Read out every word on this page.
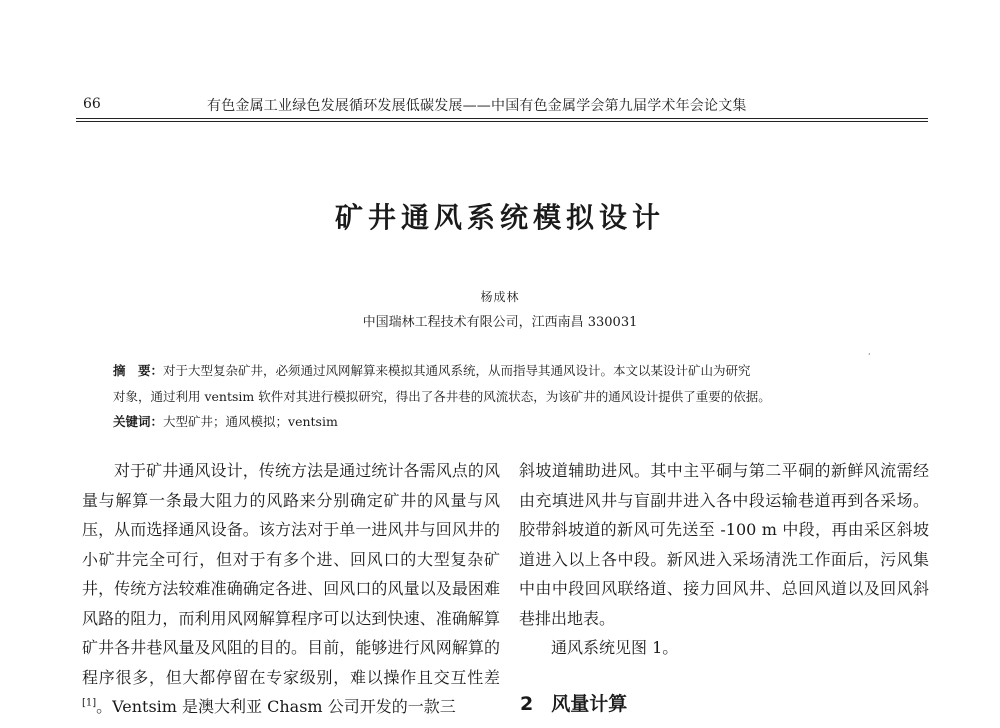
66	有色金属工业绿色发展循环发展低碳发展——中国有色金属学会第九届学术年会论文集
矿井通风系统模拟设计
杨成林
中国瑞林工程技术有限公司，江西南昌 330031
·
摘　要：对于大型复杂矿井，必须通过风网解算来模拟其通风系统，从而指导其通风设计。本文以某设计矿山为研究
对象，通过利用 ventsim 软件对其进行模拟研究，得出了各井巷的风流状态，为该矿井的通风设计提供了重要的依据。
关键词：大型矿井；通风模拟；ventsim

对于矿井通风设计，传统方法是通过统计各需风点的风量与解算一条最大阻力的风路来分别确定矿井的风量与风压，从而选择通风设备。该方法对于单一进风井与回风井的小矿井完全可行，但对于有多个进、回风口的大型复杂矿井，传统方法较难准确确定各进、回风口的风量以及最困难风路的阻力，而利用风网解算程序可以达到快速、准确解算矿井各井巷风量及风阻的目的。目前，能够进行风网解算的程序很多，但大都停留在专家级别，难以操作且交互性差[1]。Ventsim 是澳大利亚 Chasm 公司开发的一款三

斜坡道辅助进风。其中主平硐与第二平硐的新鲜风流需经由充填进风井与盲副井进入各中段运输巷道再到各采场。胶带斜坡道的新风可先送至 -100 m 中段，再由采区斜坡道进入以上各中段。新风进入采场清洗工作面后，污风集中由中段回风联络道、接力回风井、总回风道以及回风斜巷排出地表。

通风系统见图 1。

2 风量计算
